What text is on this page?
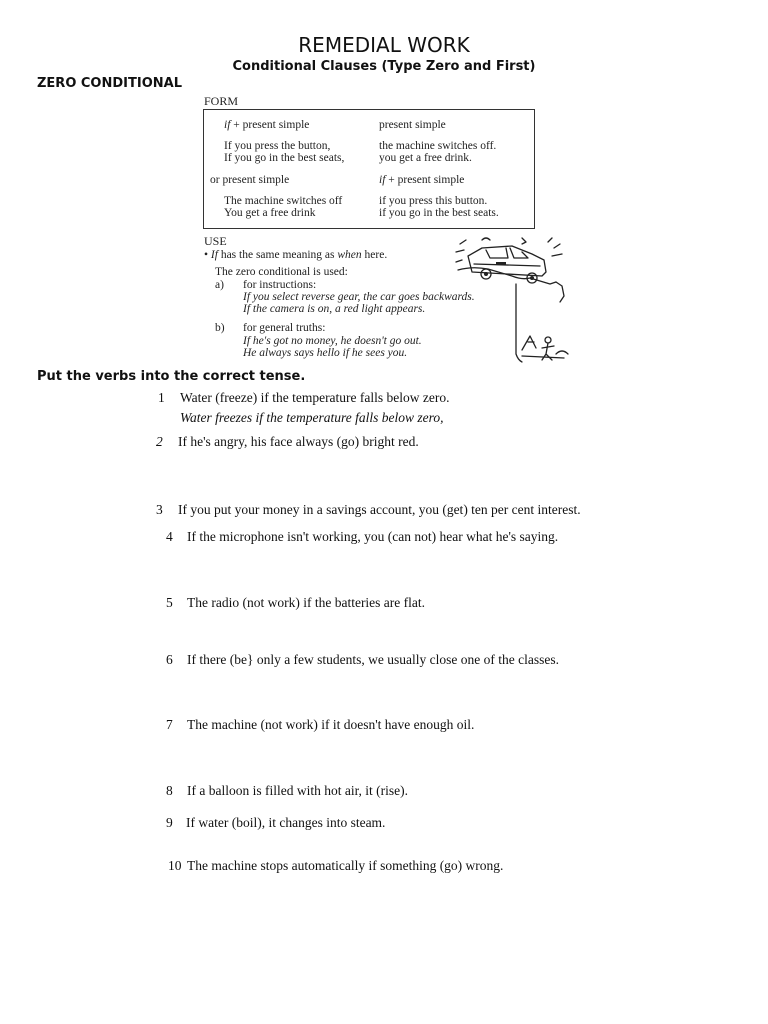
REMEDIAL WORK
Conditional Clauses (Type Zero and First)
ZERO CONDITIONAL
FORM
if + present simple	present simple
If you press the button,	the machine switches off.
If you go in the best seats,	you get a free drink.
or present simple	if + present simple
The machine switches off	if you press this button.
You get a free drink	if you go in the best seats.
USE
• If has the same meaning as when here.
The zero conditional is used:
a) for instructions:
If you select reverse gear, the car goes backwards.
If the camera is on, a red light appears.
b) for general truths:
If he's got no money, he doesn't go out.
He always says hello if he sees you.
Put the verbs into the correct tense.
1 Water (freeze) if the temperature falls below zero.
Water freezes if the temperature falls below zero,
2 If he's angry, his face always (go) bright red.
3 If you put your money in a savings account, you (get) ten per cent interest.
4 If the microphone isn't working, you (can not) hear what he's saying.
5 The radio (not work) if the batteries are flat.
6 If there (be} only a few students, we usually close one of the classes.
7 The machine (not work) if it doesn't have enough oil.
8 If a balloon is filled with hot air, it (rise).
9 If water (boil), it changes into steam.
10 The machine stops automatically if something (go) wrong.
